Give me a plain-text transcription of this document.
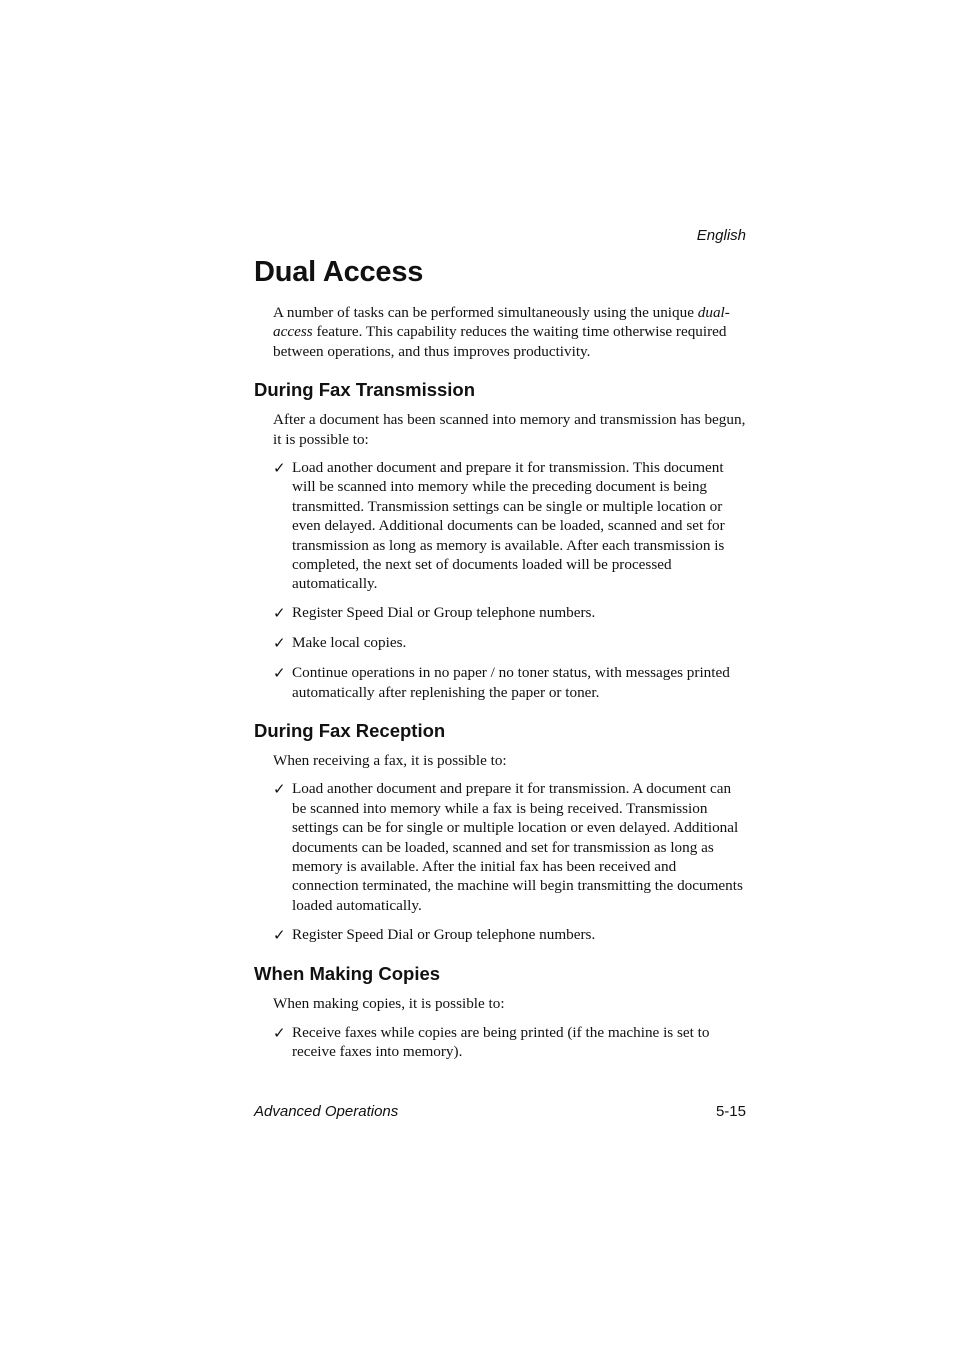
English
Dual Access

A number of tasks can be performed simultaneously using the unique dual-access feature. This capability reduces the waiting time otherwise required between operations, and thus improves productivity.

During Fax Transmission

After a document has been scanned into memory and transmission has begun, it is possible to:

✓ Load another document and prepare it for transmission. This document will be scanned into memory while the preceding document is being transmitted. Transmission settings can be single or multiple location or even delayed. Additional documents can be loaded, scanned and set for transmission as long as memory is available. After each transmission is completed, the next set of documents loaded will be processed automatically.
✓ Register Speed Dial or Group telephone numbers.
✓ Make local copies.
✓ Continue operations in no paper / no toner status, with messages printed automatically after replenishing the paper or toner.
During Fax Reception

When receiving a fax, it is possible to:

✓ Load another document and prepare it for transmission. A document can be scanned into memory while a fax is being received. Transmission settings can be for single or multiple location or even delayed. Additional documents can be loaded, scanned and set for transmission as long as memory is available. After the initial fax has been received and connection terminated, the machine will begin transmitting the documents loaded automatically.
✓ Register Speed Dial or Group telephone numbers.
When Making Copies

When making copies, it is possible to:

✓ Receive faxes while copies are being printed (if the machine is set to receive faxes into memory).
Advanced Operations	5-15
